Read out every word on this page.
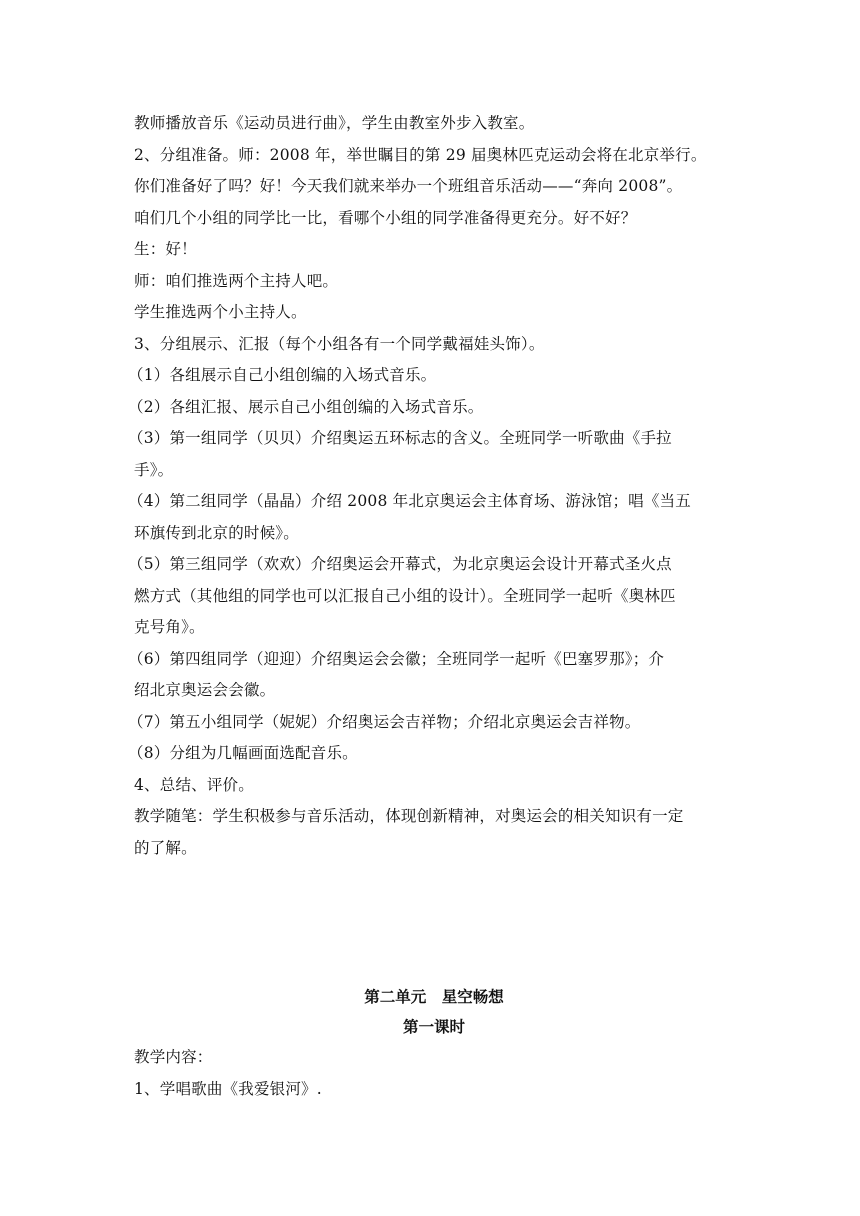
教师播放音乐《运动员进行曲》，学生由教室外步入教室。
2、分组准备。师：2008 年，举世瞩目的第 29 届奥林匹克运动会将在北京举行。
你们准备好了吗？好！今天我们就来举办一个班组音乐活动——“奔向 2008”。
咱们几个小组的同学比一比，看哪个小组的同学准备得更充分。好不好？
生：好！
师：咱们推选两个主持人吧。
学生推选两个小主持人。
3、分组展示、汇报（每个小组各有一个同学戴福娃头饰）。
（1）各组展示自己小组创编的入场式音乐。
（2）各组汇报、展示自己小组创编的入场式音乐。
（3）第一组同学（贝贝）介绍奥运五环标志的含义。全班同学一听歌曲《手拉
手》。
（4）第二组同学（晶晶）介绍 2008 年北京奥运会主体育场、游泳馆；唱《当五
环旗传到北京的时候》。
（5）第三组同学（欢欢）介绍奥运会开幕式，为北京奥运会设计开幕式圣火点
燃方式（其他组的同学也可以汇报自己小组的设计）。全班同学一起听《奥林匹
克号角》。
（6）第四组同学（迎迎）介绍奥运会会徽；全班同学一起听《巴塞罗那》；介
绍北京奥运会会徽。
（7）第五小组同学（妮妮）介绍奥运会吉祥物；介绍北京奥运会吉祥物。
（8）分组为几幅画面选配音乐。
4、总结、评价。
教学随笔：学生积极参与音乐活动，体现创新精神，对奥运会的相关知识有一定
的了解。
第二单元　星空畅想
第一课时
教学内容：
1、学唱歌曲《我爱银河》.
